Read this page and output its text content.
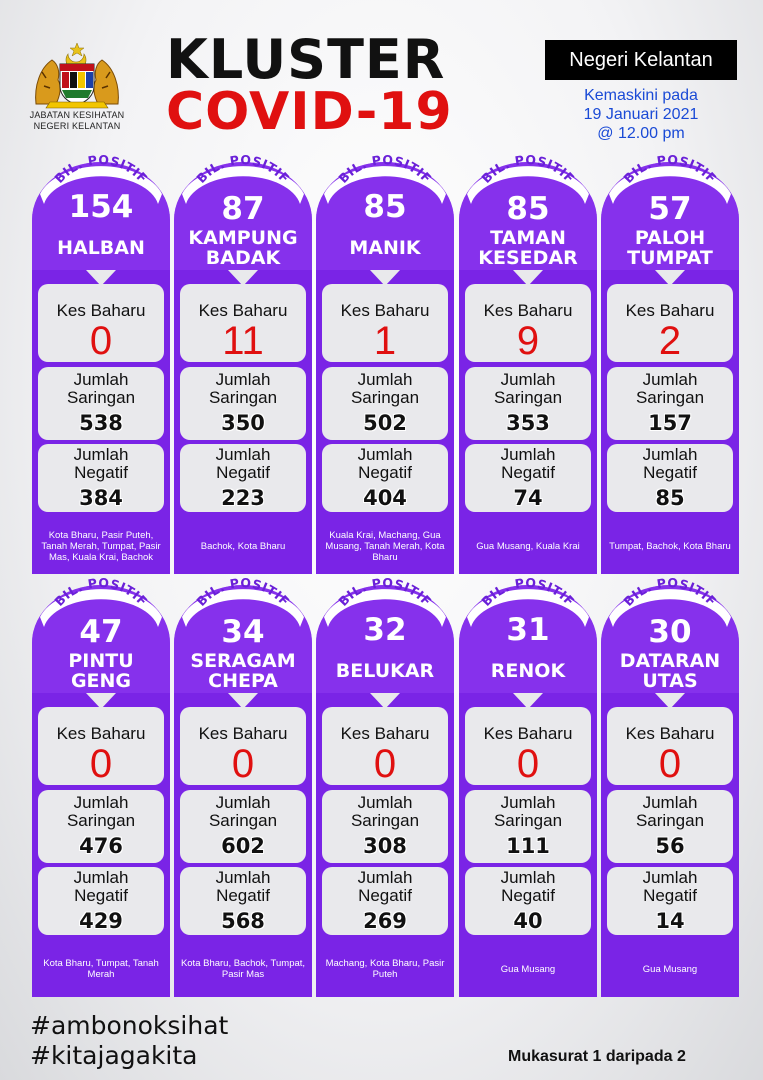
JABATAN KESIHATAN
NEGERI KELANTAN
KLUSTER
COVID-19
Negeri Kelantan
Kemaskini pada
19 Januari 2021
@ 12.00 pm
BIL. POSITIF
154
HALBAN
Kes Baharu
0
Jumlah
Saringan
538
Jumlah
Negatif
384
Kota Bharu, Pasir Puteh, Tanah Merah, Tumpat, Pasir Mas, Kuala Krai, Bachok
BIL. POSITIF
87
KAMPUNG
BADAK
Kes Baharu
11
Jumlah
Saringan
350
Jumlah
Negatif
223
Bachok, Kota Bharu
BIL. POSITIF
85
MANIK
Kes Baharu
1
Jumlah
Saringan
502
Jumlah
Negatif
404
Kuala Krai, Machang, Gua Musang, Tanah Merah, Kota Bharu
BIL. POSITIF
85
TAMAN
KESEDAR
Kes Baharu
9
Jumlah
Saringan
353
Jumlah
Negatif
74
Gua Musang, Kuala Krai
BIL. POSITIF
57
PALOH
TUMPAT
Kes Baharu
2
Jumlah
Saringan
157
Jumlah
Negatif
85
Tumpat, Bachok, Kota Bharu
BIL. POSITIF
47
PINTU
GENG
Kes Baharu
0
Jumlah
Saringan
476
Jumlah
Negatif
429
Kota Bharu, Tumpat, Tanah Merah
BIL. POSITIF
34
SERAGAM
CHEPA
Kes Baharu
0
Jumlah
Saringan
602
Jumlah
Negatif
568
Kota Bharu, Bachok, Tumpat, Pasir Mas
BIL. POSITIF
32
BELUKAR
Kes Baharu
0
Jumlah
Saringan
308
Jumlah
Negatif
269
Machang, Kota Bharu, Pasir Puteh
BIL. POSITIF
31
RENOK
Kes Baharu
0
Jumlah
Saringan
111
Jumlah
Negatif
40
Gua Musang
BIL. POSITIF
30
DATARAN
UTAS
Kes Baharu
0
Jumlah
Saringan
56
Jumlah
Negatif
14
Gua Musang
#ambonoksihat
#kitajagakita	Mukasurat 1 daripada 2
